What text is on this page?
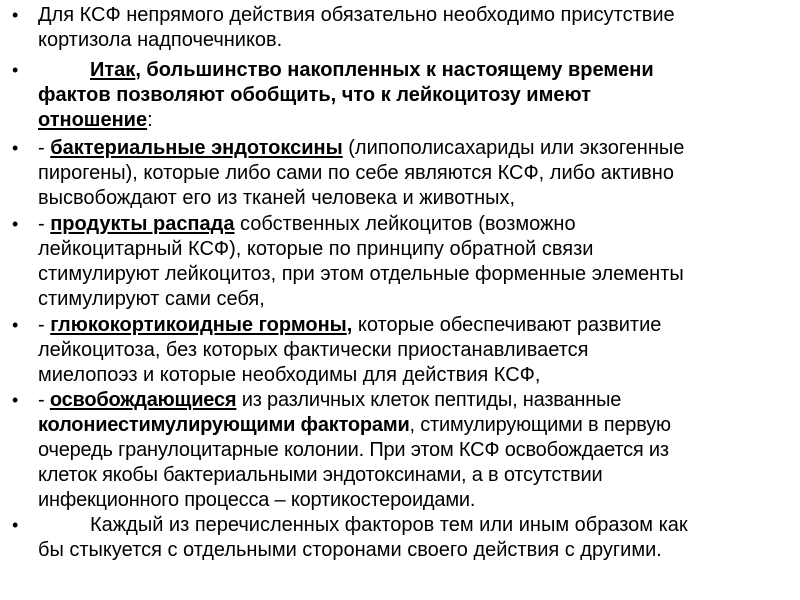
• Для КСФ непрямого действия обязательно необходимо присутствие
кортизола надпочечников.
•	Итак, большинство накопленных к настоящему времени
фактов позволяют обобщить, что к лейкоцитозу имеют
отношение:
• - бактериальные эндотоксины (липополисахариды или экзогенные
пирогены), которые либо сами по себе являются КСФ, либо активно
высвобождают его из тканей человека и животных,
• - продукты распада собственных лейкоцитов (возможно
лейкоцитарный КСФ), которые по принципу обратной связи
стимулируют лейкоцитоз, при этом отдельные форменные элементы
стимулируют сами себя,
• - глюкокортикоидные гормоны, которые обеспечивают развитие
лейкоцитоза, без которых фактически приостанавливается
миелопоэз и которые необходимы для действия КСФ,
• - освобождающиеся из различных клеток пептиды, названные
колониестимулирующими факторами, стимулирующими в первую
очередь гранулоцитарные колонии. При этом КСФ освобождается из
клеток якобы бактериальными эндотоксинами, а в отсутствии
инфекционного процесса – кортикостероидами.
•	Каждый из перечисленных факторов тем или иным образом как
бы стыкуется с отдельными сторонами своего действия с другими.
